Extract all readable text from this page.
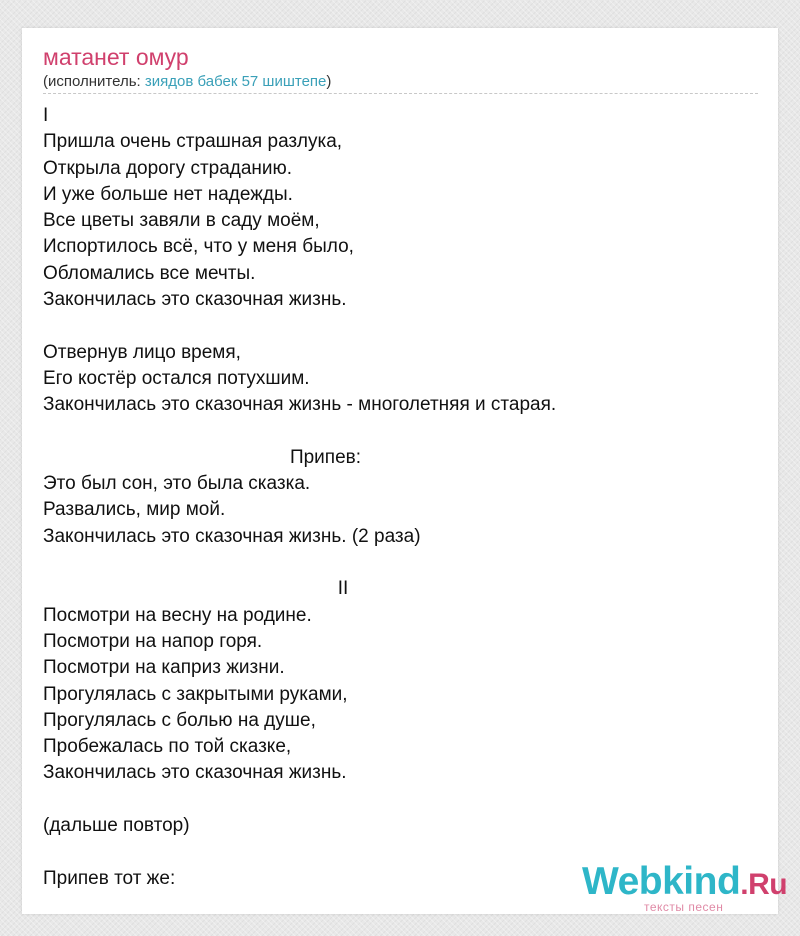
матанет омур
(исполнитель: зиядов бабек 57 шиштепе)
I
Пришла очень страшная разлука,
Открыла дорогу страданию.
И уже больше нет надежды.
Все цветы завяли в саду моём,
Испортилось всё, что у меня было,
Обломались все мечты.
Закончилась это сказочная жизнь.
Отвернув лицо время,
Его костёр остался потухшим.
Закончилась это сказочная жизнь - многолетняя и старая.
Припев:
Это был сон, это была сказка.
Развались, мир мой.
Закончилась это сказочная жизнь. (2 раза)
II
Посмотри на весну на родине.
Посмотри на напор горя.
Посмотри на каприз жизни.
Прогулялась с закрытыми руками,
Прогулялась с болью на душе,
Пробежалась по той сказке,
Закончилась это сказочная жизнь.
(дальше повтор)
Припев тот же:	Webkind.Ru
тексты песен
